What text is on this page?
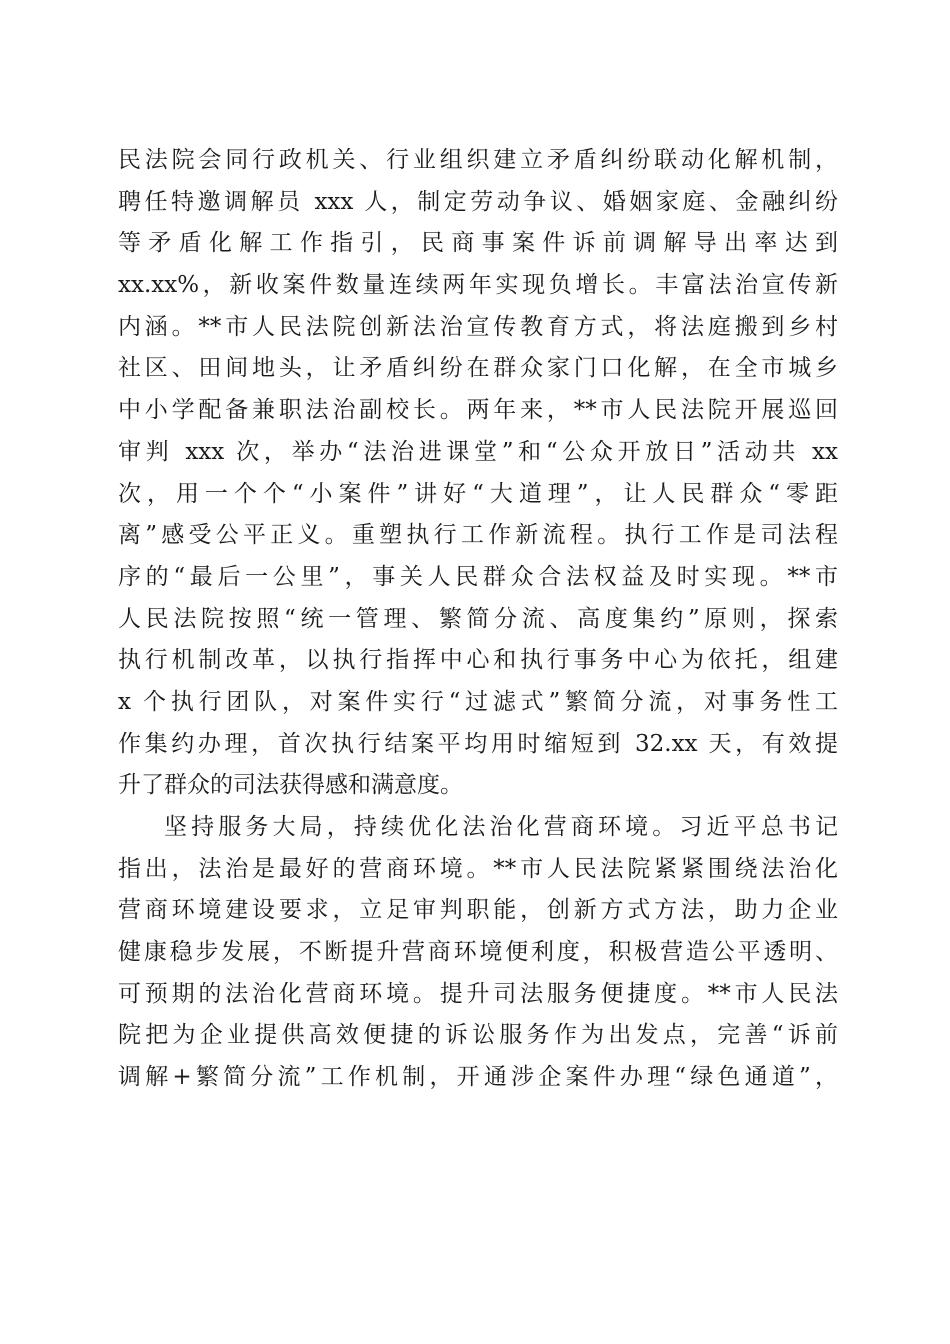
民法院会同行政机关、行业组织建立矛盾纠纷联动化解机制，
聘任特邀调解员 xxx 人，制定劳动争议、婚姻家庭、金融纠纷
等矛盾化解工作指引，民商事案件诉前调解导出率达到
xx.xx%，新收案件数量连续两年实现负增长。丰富法治宣传新
内涵。**市人民法院创新法治宣传教育方式，将法庭搬到乡村
社区、田间地头，让矛盾纠纷在群众家门口化解，在全市城乡
中小学配备兼职法治副校长。两年来，**市人民法院开展巡回
审判 xxx 次，举办“法治进课堂”和“公众开放日”活动共 xx
次，用一个个“小案件”讲好“大道理”，让人民群众“零距
离”感受公平正义。重塑执行工作新流程。执行工作是司法程
序的“最后一公里”，事关人民群众合法权益及时实现。**市
人民法院按照“统一管理、繁简分流、高度集约”原则，探索
执行机制改革，以执行指挥中心和执行事务中心为依托，组建
x 个执行团队，对案件实行“过滤式”繁简分流，对事务性工
作集约办理，首次执行结案平均用时缩短到 32.xx 天，有效提
升了群众的司法获得感和满意度。
坚持服务大局，持续优化法治化营商环境。习近平总书记
指出，法治是最好的营商环境。**市人民法院紧紧围绕法治化
营商环境建设要求，立足审判职能，创新方式方法，助力企业
健康稳步发展，不断提升营商环境便利度，积极营造公平透明、
可预期的法治化营商环境。提升司法服务便捷度。**市人民法
院把为企业提供高效便捷的诉讼服务作为出发点，完善“诉前
调解+繁简分流”工作机制，开通涉企案件办理“绿色通道”，
